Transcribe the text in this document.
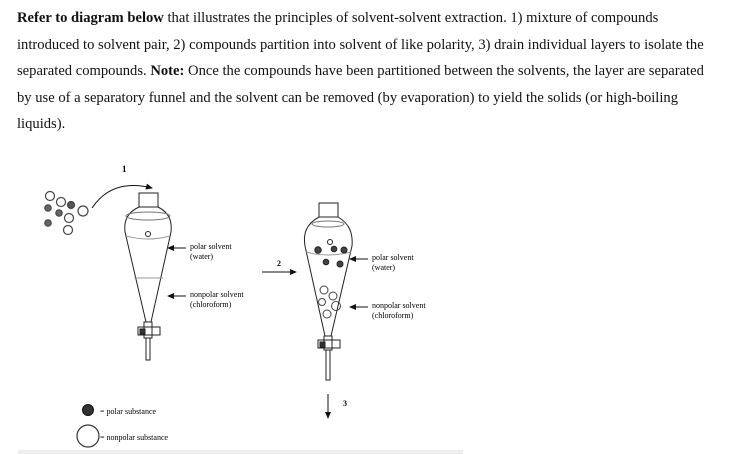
Refer to diagram below that illustrates the principles of solvent-solvent extraction. 1) mixture of compounds introduced to solvent pair, 2) compounds partition into solvent of like polarity, 3) drain individual layers to isolate the separated compounds. Note: Once the compounds have been partitioned between the solvents, the layer are separated by use of a separatory funnel and the solvent can be removed (by evaporation) to yield the solids (or high-boiling liquids).

1
polar solvent
(water)
nonpolar solvent
(chloroform)
2
polar solvent
(water)
nonpolar solvent
(chloroform)
3
= polar substance
= nonpolar substance
